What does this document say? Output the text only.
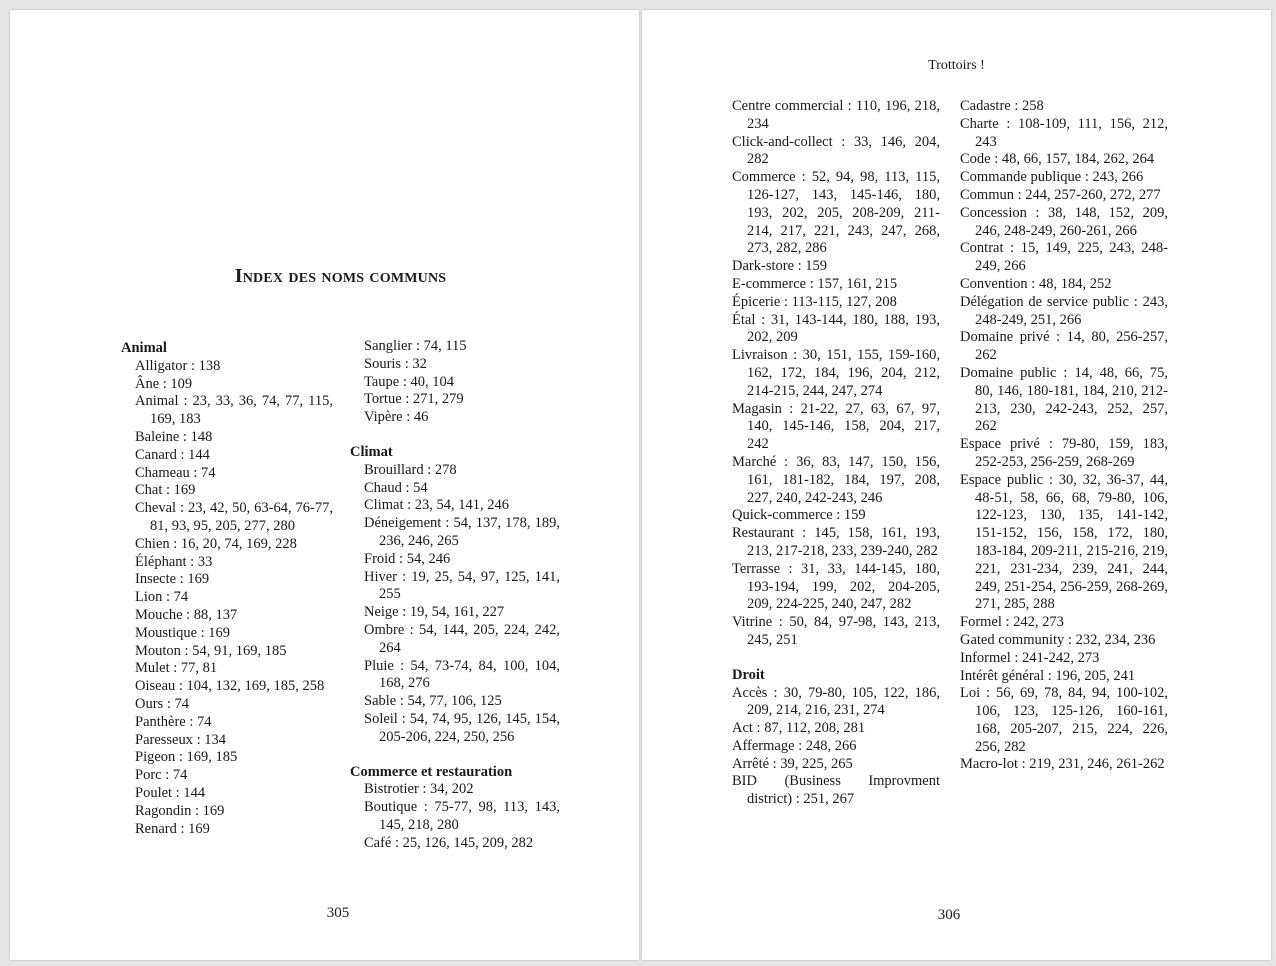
Index des noms communs
Animal
Alligator : 138
Âne : 109
Animal : 23, 33, 36, 74, 77, 115, 169, 183
Baleine : 148
Canard : 144
Chameau : 74
Chat : 169
Cheval : 23, 42, 50, 63-64, 76-77, 81, 93, 95, 205, 277, 280
Chien : 16, 20, 74, 169, 228
Éléphant : 33
Insecte : 169
Lion : 74
Mouche : 88, 137
Moustique : 169
Mouton : 54, 91, 169, 185
Mulet : 77, 81
Oiseau : 104, 132, 169, 185, 258
Ours : 74
Panthère : 74
Paresseux : 134
Pigeon : 169, 185
Porc : 74
Poulet : 144
Ragondin : 169
Renard : 169
Sanglier : 74, 115
Souris : 32
Taupe : 40, 104
Tortue : 271, 279
Vipère : 46
Climat
Brouillard : 278
Chaud : 54
Climat : 23, 54, 141, 246
Déneigement : 54, 137, 178, 189, 236, 246, 265
Froid : 54, 246
Hiver : 19, 25, 54, 97, 125, 141, 255
Neige : 19, 54, 161, 227
Ombre : 54, 144, 205, 224, 242, 264
Pluie : 54, 73-74, 84, 100, 104, 168, 276
Sable : 54, 77, 106, 125
Soleil : 54, 74, 95, 126, 145, 154, 205-206, 224, 250, 256
Commerce et restauration
Bistrotier : 34, 202
Boutique : 75-77, 98, 113, 143, 145, 218, 280
Café : 25, 126, 145, 209, 282
305
Trottoirs !
Centre commercial : 110, 196, 218, 234
Click-and-collect : 33, 146, 204, 282
Commerce : 52, 94, 98, 113, 115, 126-127, 143, 145-146, 180, 193, 202, 205, 208-209, 211-214, 217, 221, 243, 247, 268, 273, 282, 286
Dark-store : 159
E-commerce : 157, 161, 215
Épicerie : 113-115, 127, 208
Étal : 31, 143-144, 180, 188, 193, 202, 209
Livraison : 30, 151, 155, 159-160, 162, 172, 184, 196, 204, 212, 214-215, 244, 247, 274
Magasin : 21-22, 27, 63, 67, 97, 140, 145-146, 158, 204, 217, 242
Marché : 36, 83, 147, 150, 156, 161, 181-182, 184, 197, 208, 227, 240, 242-243, 246
Quick-commerce : 159
Restaurant : 145, 158, 161, 193, 213, 217-218, 233, 239-240, 282
Terrasse : 31, 33, 144-145, 180, 193-194, 199, 202, 204-205, 209, 224-225, 240, 247, 282
Vitrine : 50, 84, 97-98, 143, 213, 245, 251
Droit
Accès : 30, 79-80, 105, 122, 186, 209, 214, 216, 231, 274
Act : 87, 112, 208, 281
Affermage : 248, 266
Arrêté : 39, 225, 265
BID (Business Improvment district) : 251, 267
Cadastre : 258
Charte : 108-109, 111, 156, 212, 243
Code : 48, 66, 157, 184, 262, 264
Commande publique : 243, 266
Commun : 244, 257-260, 272, 277
Concession : 38, 148, 152, 209, 246, 248-249, 260-261, 266
Contrat : 15, 149, 225, 243, 248-249, 266
Convention : 48, 184, 252
Délégation de service public : 243, 248-249, 251, 266
Domaine privé : 14, 80, 256-257, 262
Domaine public : 14, 48, 66, 75, 80, 146, 180-181, 184, 210, 212-213, 230, 242-243, 252, 257, 262
Espace privé : 79-80, 159, 183, 252-253, 256-259, 268-269
Espace public : 30, 32, 36-37, 44, 48-51, 58, 66, 68, 79-80, 106, 122-123, 130, 135, 141-142, 151-152, 156, 158, 172, 180, 183-184, 209-211, 215-216, 219, 221, 231-234, 239, 241, 244, 249, 251-254, 256-259, 268-269, 271, 285, 288
Formel : 242, 273
Gated community : 232, 234, 236
Informel : 241-242, 273
Intérêt général : 196, 205, 241
Loi : 56, 69, 78, 84, 94, 100-102, 106, 123, 125-126, 160-161, 168, 205-207, 215, 224, 226, 256, 282
Macro-lot : 219, 231, 246, 261-262
306
